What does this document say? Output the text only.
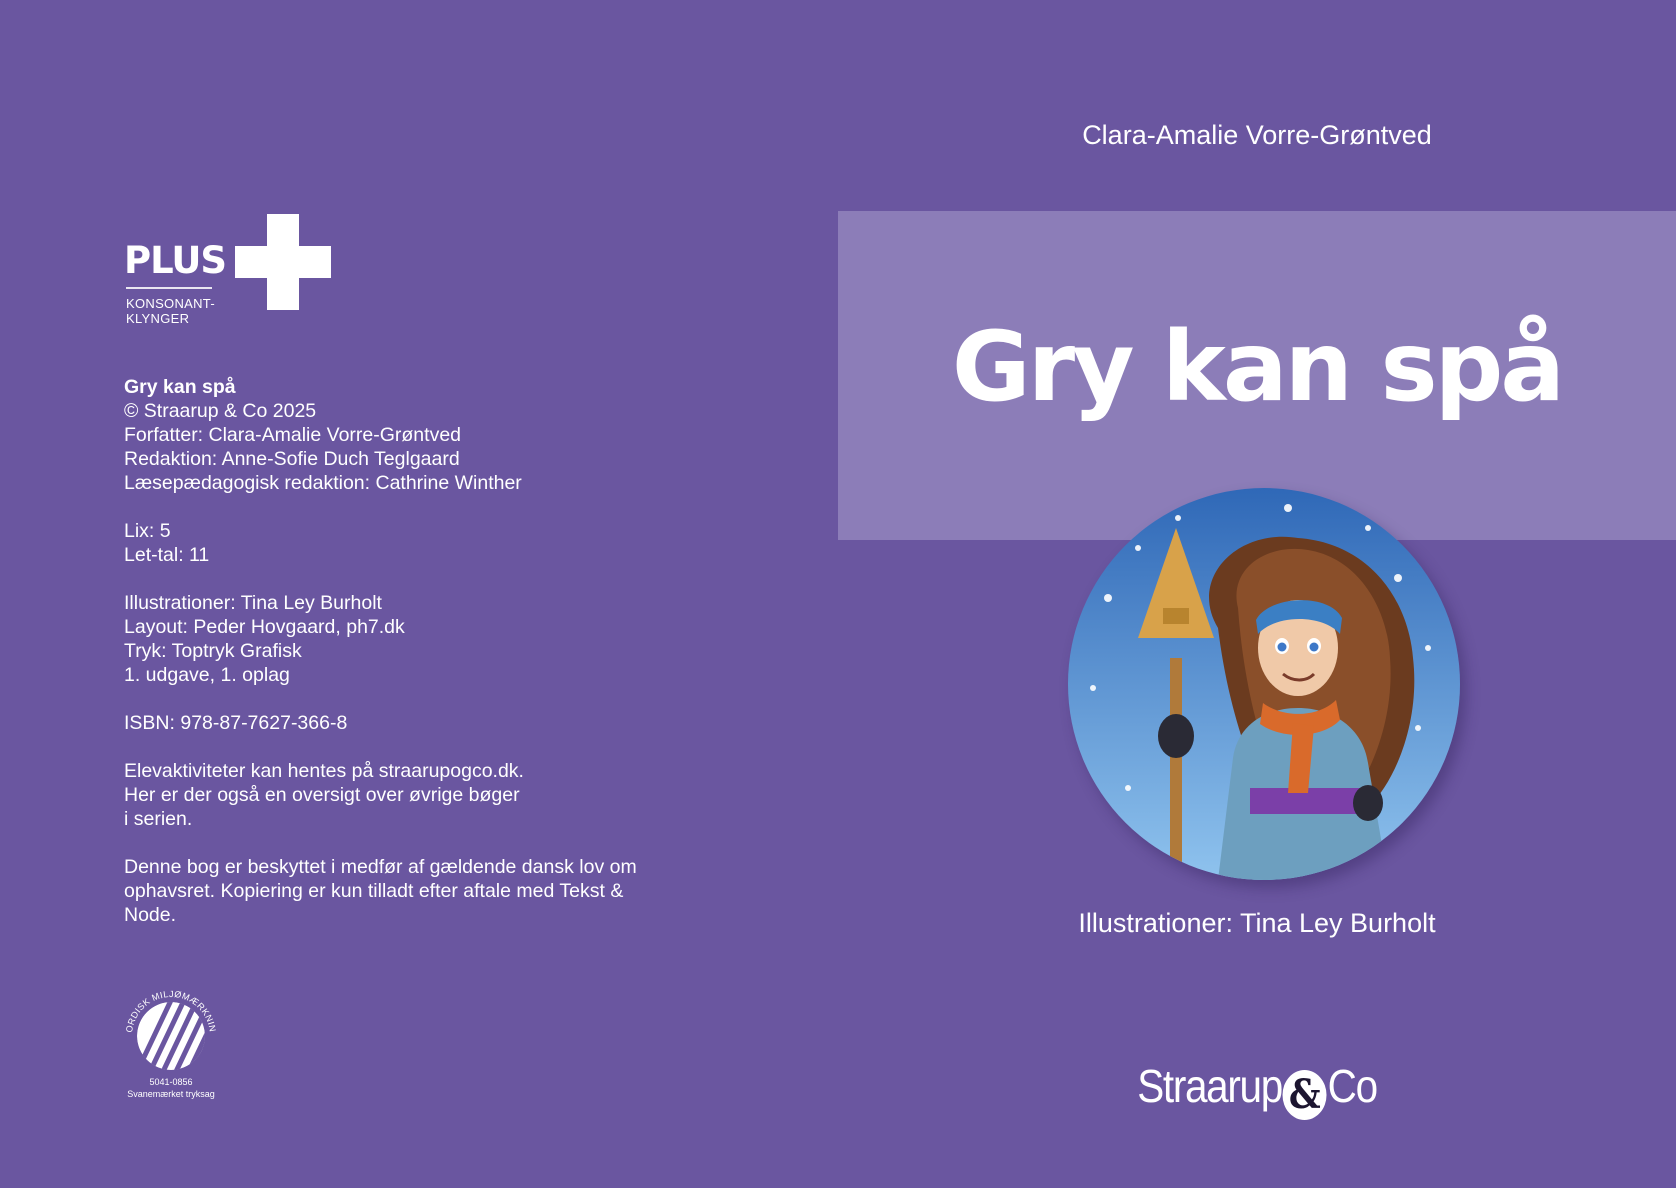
PLUS
KONSONANT-
KLYNGER
Gry kan spå
© Straarup & Co 2025
Forfatter: Clara-Amalie Vorre-Grøntved
Redaktion: Anne-Sofie Duch Teglgaard
Læsepædagogisk redaktion: Cathrine Winther
Lix: 5
Let-tal: 11
Illustrationer: Tina Ley Burholt
Layout: Peder Hovgaard, ph7.dk
Tryk: Toptryk Grafisk
1. udgave, 1. oplag
ISBN: 978-87-7627-366-8
Elevaktiviteter kan hentes på straarupogco.dk.
Her er der også en oversigt over øvrige bøger
i serien.
Denne bog er beskyttet i medfør af gældende dansk lov om
ophavsret. Kopiering er kun tilladt efter aftale med Tekst &
Node.
ORDISK MILJØMÆRKNIN
5041-0856
Svanemærket tryksag
Clara-Amalie Vorre-Grøntved
Gry kan spå
Illustrationer: Tina Ley Burholt
Straarup & Co
